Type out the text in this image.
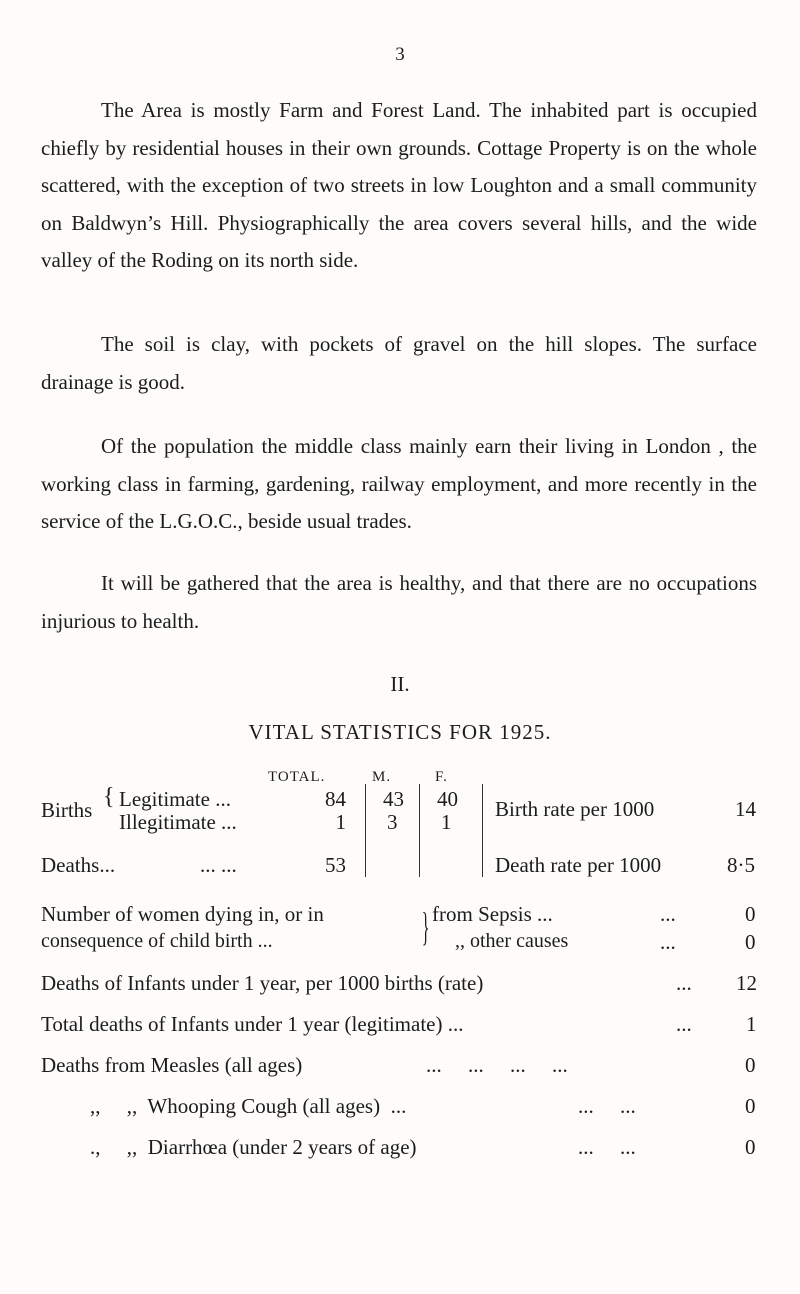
3

The Area is mostly Farm and Forest Land. The inhabited part is occupied chiefly by residential houses in their own grounds. Cottage Property is on the whole scattered, with the exception of two streets in low Loughton and a small community on Baldwyn’s Hill. Physiographically the area covers several hills, and the wide valley of the Roding on its north side.

The soil is clay, with pockets of gravel on the hill slopes. The surface drainage is good.

Of the population the middle class mainly earn their living in London , the working class in farming, gardening, railway employment, and more recently in the service of the L.G.O.C., beside usual trades.

It will be gathered that the area is healthy, and that there are no occupations injurious to health.

II.
VITAL STATISTICS FOR 1925.
TOTAL.	M.	F.
Births { Legitimate ...	84 43 40
Illegitimate ...	1 3 1
Deaths...	... ...	53
Birth rate per 1000	14
Death rate per 1000	8·5
Number of women dying in, or in
consequence of child birth ...	} from Sepsis ...	...	0
,, other causes	...	0
Deaths of Infants under 1 year, per 1000 births (rate)	...	12
Total deaths of Infants under 1 year (legitimate) ...	...	1
Deaths from Measles (all ages)	...     ...     ...     ...	0
,,     ,,  Whooping Cough (all ages)  ...	...     ...	0
.,     ,,  Diarrhœa (under 2 years of age)	...     ...	0
